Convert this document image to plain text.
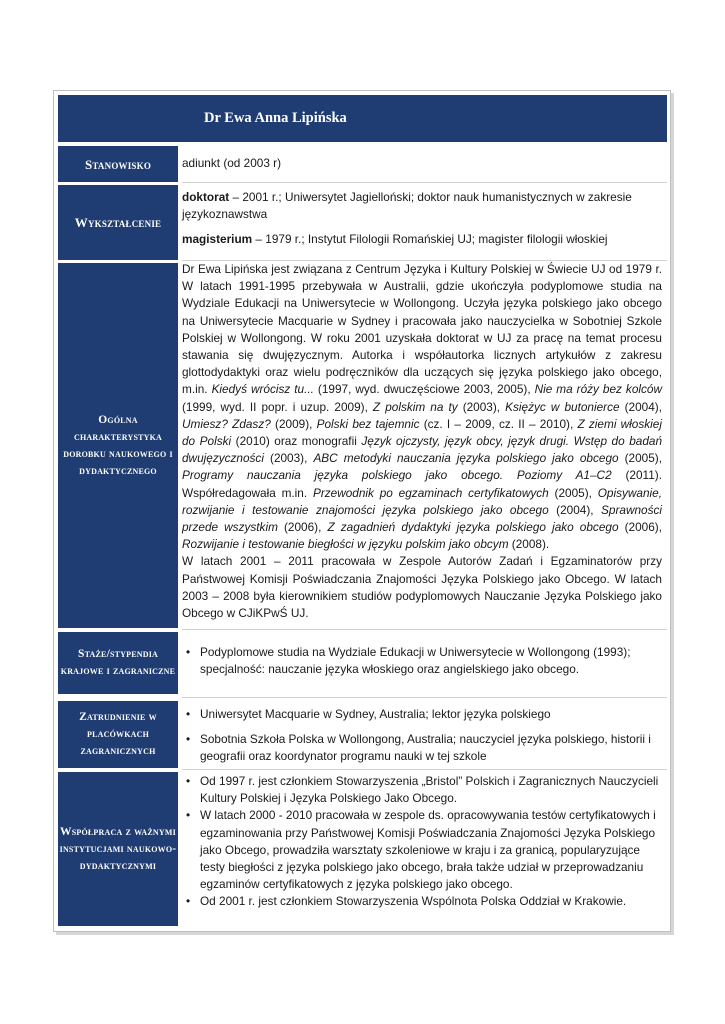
Dr Ewa Anna Lipińska
Stanowisko	adiunkt (od 2003 r)

Wykształcenie

doktorat – 2001 r.; Uniwersytet Jagielloński; doktor nauk humanistycznych w zakresie językoznawstwa

magisterium – 1979 r.; Instytut Filologii Romańskiej UJ; magister filologii włoskiej

Ogólna charakterystyka dorobku naukowego i dydaktycznego

Dr Ewa Lipińska jest związana z Centrum Języka i Kultury Polskiej w Świecie UJ od 1979 r. W latach 1991-1995 przebywała w Australii, gdzie ukończyła podyplomowe studia na Wydziale Edukacji na Uniwersytecie w Wollongong. Uczyła języka polskiego jako obcego na Uniwersytecie Macquarie w Sydney i pracowała jako nauczycielka w Sobotniej Szkole Polskiej w Wollongong. W roku 2001 uzyskała doktorat w UJ za pracę na temat procesu stawania się dwujęzycznym. Autorka i współautorka licznych artykułów z zakresu glottodydaktyki oraz wielu podręczników dla uczących się języka polskiego jako obcego, m.in. Kiedyś wrócisz tu... (1997, wyd. dwuczęściowe 2003, 2005), Nie ma róży bez kolców (1999, wyd. II popr. i uzup. 2009), Z polskim na ty (2003), Księżyc w butonierce (2004), Umiesz? Zdasz? (2009), Polski bez tajemnic (cz. I – 2009, cz. II – 2010), Z ziemi włoskiej do Polski (2010) oraz monografii Język ojczysty, język obcy, język drugi. Wstęp do badań dwujęzyczności (2003), ABC metodyki nauczania języka polskiego jako obcego (2005), Programy nauczania języka polskiego jako obcego. Poziomy A1–C2 (2011). Współredagowała m.in. Przewodnik po egzaminach certyfikatowych (2005), Opisywanie, rozwijanie i testowanie znajomości języka polskiego jako obcego (2004), Sprawności przede wszystkim (2006), Z zagadnień dydaktyki języka polskiego jako obcego (2006), Rozwijanie i testowanie biegłości w języku polskim jako obcym (2008).

W latach 2001 – 2011 pracowała w Zespole Autorów Zadań i Egzaminatorów przy Państwowej Komisji Poświadczania Znajomości Języka Polskiego jako Obcego. W latach 2003 – 2008 była kierownikiem studiów podyplomowych Nauczanie Języka Polskiego jako Obcego w CJiKPwŚ UJ.

Staże/stypendia krajowe i zagraniczne
• Podyplomowe studia na Wydziale Edukacji w Uniwersytecie w Wollongong (1993); specjalność: nauczanie języka włoskiego oraz angielskiego jako obcego.
Zatrudnienie w placówkach zagranicznych
• Uniwersytet Macquarie w Sydney, Australia; lektor języka polskiego
• Sobotnia Szkoła Polska w Wollongong, Australia; nauczyciel języka polskiego, historii i geografii oraz koordynator programu nauki w tej szkole
Współpraca z ważnymi instytucjami naukowo-dydaktycznymi
• Od 1997 r. jest członkiem Stowarzyszenia „Bristol” Polskich i Zagranicznych Nauczycieli Kultury Polskiej i Języka Polskiego Jako Obcego.
• W latach 2000 - 2010 pracowała w zespole ds. opracowywania testów certyfikatowych i egzaminowania przy Państwowej Komisji Poświadczania Znajomości Języka Polskiego jako Obcego, prowadziła warsztaty szkoleniowe w kraju i za granicą, popularyzujące testy biegłości z języka polskiego jako obcego, brała także udział w przeprowadzaniu egzaminów certyfikatowych z języka polskiego jako obcego.
• Od 2001 r. jest członkiem Stowarzyszenia Wspólnota Polska Oddział w Krakowie.
